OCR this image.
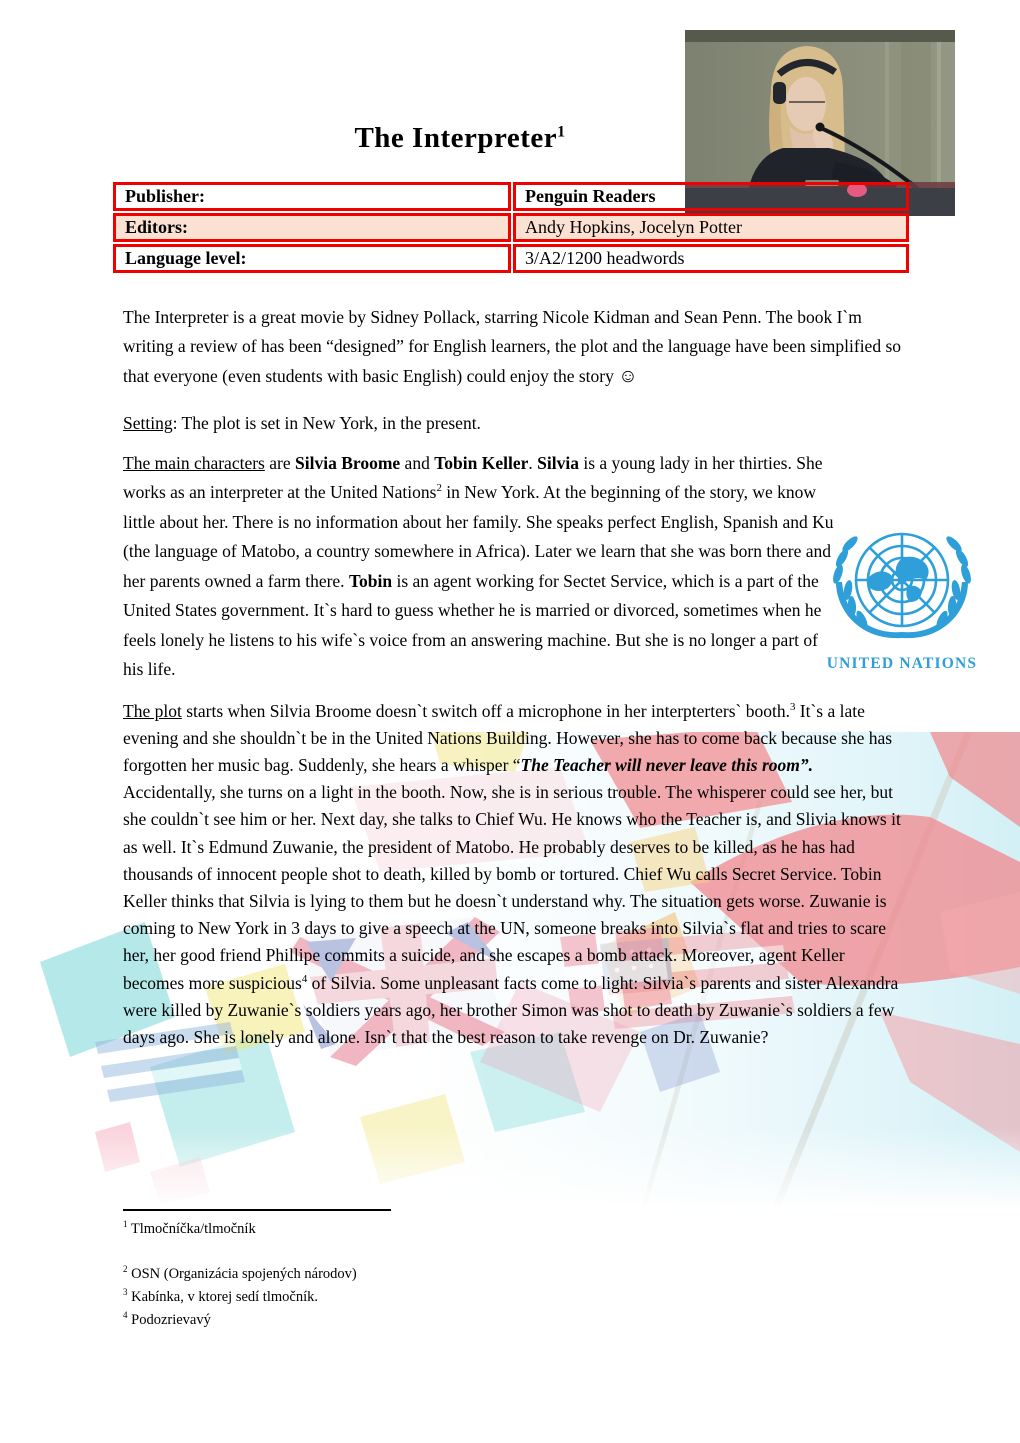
The Interpreter$^1$
Publisher:	Penguin Readers
Editors:	Andy Hopkins, Jocelyn Potter
Language level:	3/A2/1200 headwords
UNITED NATIONS

The Interpreter is a great movie by Sidney Pollack, starring Nicole Kidman and Sean Penn. The book I`m writing a review of has been “designed” for English learners, the plot and the language have been simplified so that everyone (even students with basic English) could enjoy the story ☺

Setting: The plot is set in New York, in the present.

The main characters are Silvia Broome and Tobin Keller. Silvia is a young lady in her thirties. She works as an interpreter at the United Nations$^2$ in New York. At the beginning of the story, we know little about her. There is no information about her family. She speaks perfect English, Spanish and Ku (the language of Matobo, a country somewhere in Africa). Later we learn that she was born there and her parents owned a farm there. Tobin is an agent working for Sectet Service, which is a part of the United States government. It`s hard to guess whether he is married or divorced, sometimes when he feels lonely he listens to his wife`s voice from an answering machine. But she is no longer a part of his life.

The plot starts when Silvia Broome doesn`t switch off a microphone in her interpterters` booth.$^3$ It`s a late evening and she shouldn`t be in the United Nations Building. However, she has to come back because she has forgotten her music bag. Suddenly, she hears a whisper “The Teacher will never leave this room”. Accidentally, she turns on a light in the booth. Now, she is in serious trouble. The whisperer could see her, but she couldn`t see him or her. Next day, she talks to Chief Wu. He knows who the Teacher is, and Slivia knows it as well. It`s Edmund Zuwanie, the president of Matobo. He probably deserves to be killed, as he has had thousands of innocent people shot to death, killed by bomb or tortured. Chief Wu calls Secret Service. Tobin Keller thinks that Silvia is lying to them but he doesn`t understand why. The situation gets worse. Zuwanie is coming to New York in 3 days to give a speech at the UN, someone breaks into Silvia`s flat and tries to scare her, her good friend Phillipe commits a suicide, and she escapes a bomb attack. Moreover, agent Keller becomes more suspicious$^4$ of Silvia. Some unpleasant facts come to light: Silvia`s parents and sister Alexandra were killed by Zuwanie`s soldiers years ago, her brother Simon was shot to death by Zuwanie`s soldiers a few days ago. She is lonely and alone. Isn`t that the best reason to take revenge on Dr. Zuwanie?

$^1$ Tlmočníčka/tlmočník

$^2$ OSN (Organizácia spojených národov)

$^3$ Kabínka, v ktorej sedí tlmočník.

$^4$ Podozrievavý
